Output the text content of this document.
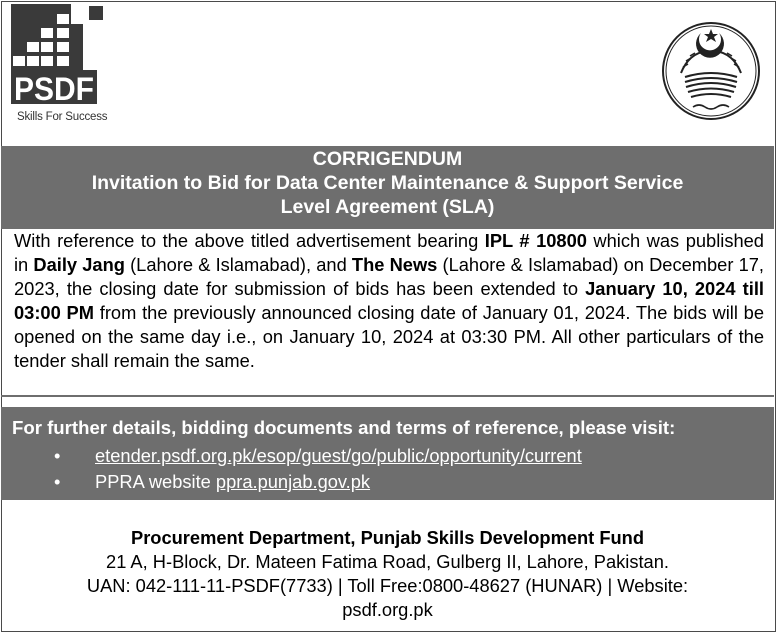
PSDF
Skills For Success
CORRIGENDUM
Invitation to Bid for Data Center Maintenance & Support Service
Level Agreement (SLA)
With reference to the above titled advertisement bearing IPL # 10800 which was published in Daily Jang (Lahore & Islamabad), and The News (Lahore & Islamabad) on December 17, 2023, the closing date for submission of bids has been extended to January 10, 2024 till 03:00 PM from the previously announced closing date of January 01, 2024. The bids will be opened on the same day i.e., on January 10, 2024 at 03:30 PM. All other particulars of the tender shall remain the same.
For further details, bidding documents and terms of reference, please visit:
• etender.psdf.org.pk/esop/guest/go/public/opportunity/current
• PPRA website ppra.punjab.gov.pk
Procurement Department, Punjab Skills Development Fund
21 A, H-Block, Dr. Mateen Fatima Road, Gulberg II, Lahore, Pakistan.
UAN: 042-111-11-PSDF(7733) | Toll Free:0800-48627 (HUNAR) | Website:
psdf.org.pk
